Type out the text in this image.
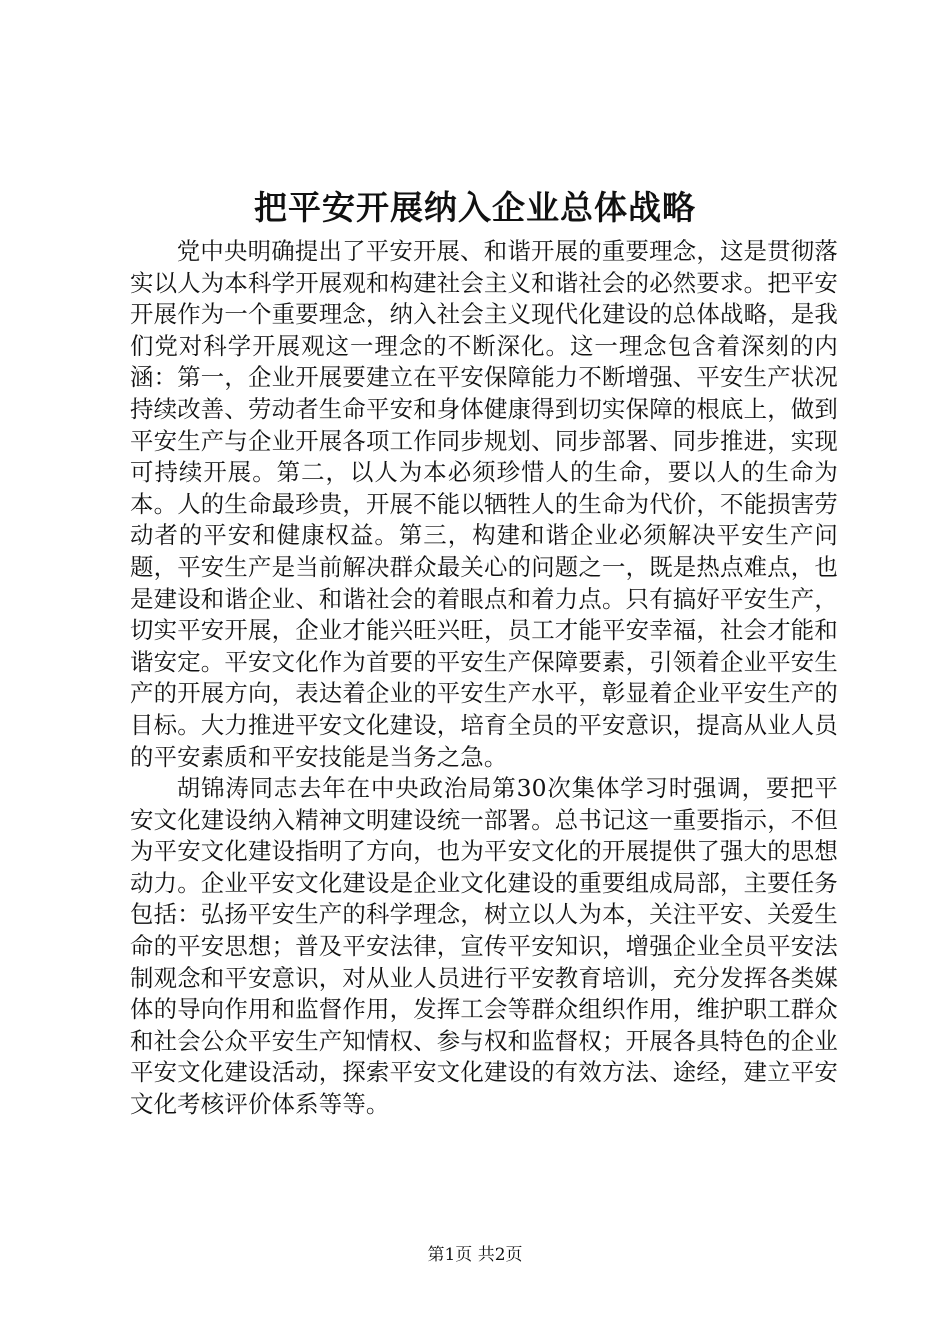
把平安开展纳入企业总体战略

党中央明确提出了平安开展、和谐开展的重要理念，这是贯彻落实以人为本科学开展观和构建社会主义和谐社会的必然要求。把平安开展作为一个重要理念，纳入社会主义现代化建设的总体战略，是我们党对科学开展观这一理念的不断深化。这一理念包含着深刻的内涵：第一，企业开展要建立在平安保障能力不断增强、平安生产状况持续改善、劳动者生命平安和身体健康得到切实保障的根底上，做到平安生产与企业开展各项工作同步规划、同步部署、同步推进，实现可持续开展。第二，以人为本必须珍惜人的生命，要以人的生命为本。人的生命最珍贵，开展不能以牺牲人的生命为代价，不能损害劳动者的平安和健康权益。第三，构建和谐企业必须解决平安生产问题，平安生产是当前解决群众最关心的问题之一，既是热点难点，也是建设和谐企业、和谐社会的着眼点和着力点。只有搞好平安生产，切实平安开展，企业才能兴旺兴旺，员工才能平安幸福，社会才能和谐安定。平安文化作为首要的平安生产保障要素，引领着企业平安生产的开展方向，表达着企业的平安生产水平，彰显着企业平安生产的目标。大力推进平安文化建设，培育全员的平安意识，提高从业人员的平安素质和平安技能是当务之急。

胡锦涛同志去年在中央政治局第30次集体学习时强调，要把平安文化建设纳入精神文明建设统一部署。总书记这一重要指示，不但为平安文化建设指明了方向，也为平安文化的开展提供了强大的思想动力。企业平安文化建设是企业文化建设的重要组成局部，主要任务包括：弘扬平安生产的科学理念，树立以人为本，关注平安、关爱生命的平安思想；普及平安法律，宣传平安知识，增强企业全员平安法制观念和平安意识，对从业人员进行平安教育培训，充分发挥各类媒体的导向作用和监督作用，发挥工会等群众组织作用，维护职工群众和社会公众平安生产知情权、参与权和监督权；开展各具特色的企业平安文化建设活动，探索平安文化建设的有效方法、途经，建立平安文化考核评价体系等等。

第1页 共2页
